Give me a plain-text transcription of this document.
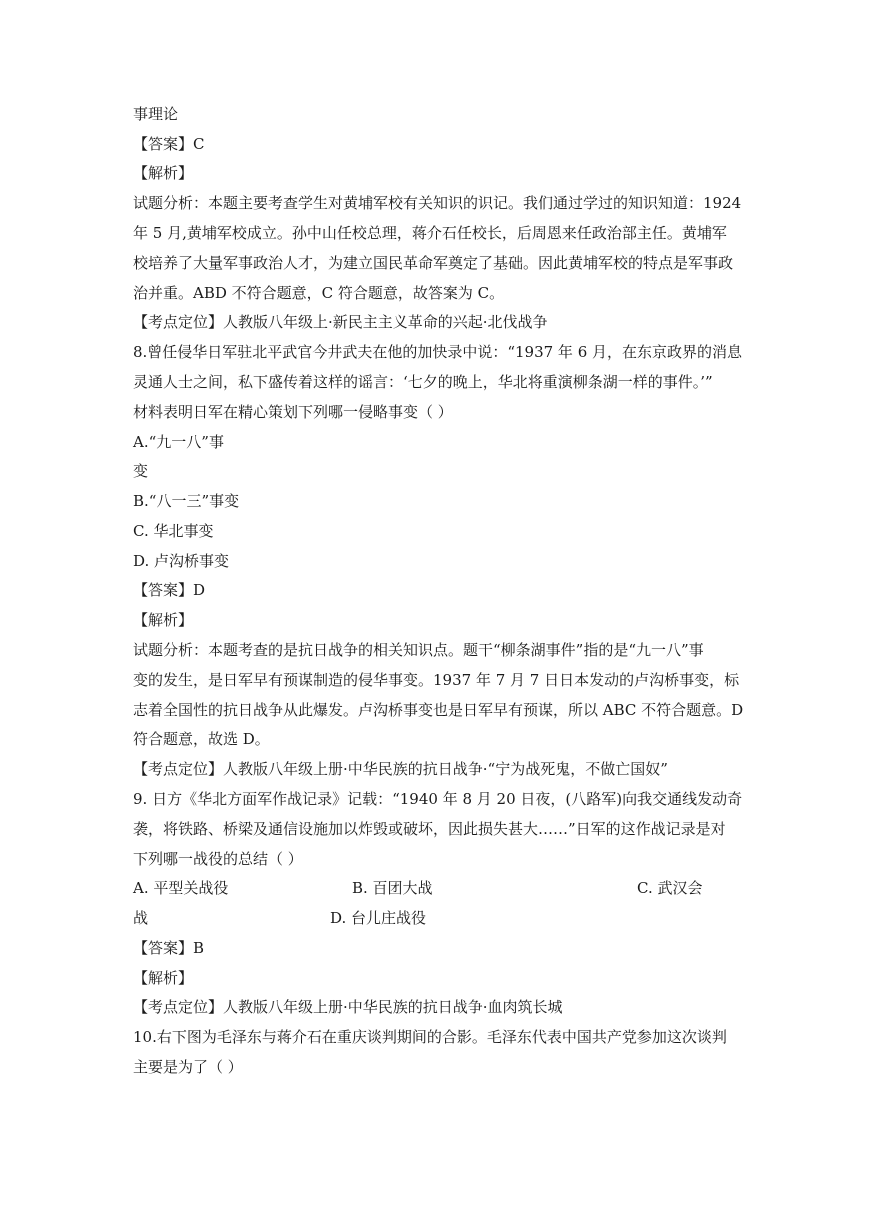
事理论
【答案】C
【解析】
试题分析：本题主要考查学生对黄埔军校有关知识的识记。我们通过学过的知识知道：1924
年 5 月,黄埔军校成立。孙中山任校总理，蒋介石任校长，后周恩来任政治部主任。黄埔军
校培养了大量军事政治人才，为建立国民革命军奠定了基础。因此黄埔军校的特点是军事政
治并重。ABD 不符合题意，C 符合题意，故答案为 C。
【考点定位】人教版八年级上·新民主主义革命的兴起·北伐战争
8.曾任侵华日军驻北平武官今井武夫在他的加快录中说：“1937 年 6 月，在东京政界的消息
灵通人士之间，私下盛传着这样的谣言：‘七夕的晚上，华北将重演柳条湖一样的事件。’”
材料表明日军在精心策划下列哪一侵略事变（ ）
A.“九一八”事
变
B.“八一三”事变
C. 华北事变
D. 卢沟桥事变
【答案】D
【解析】
试题分析：本题考查的是抗日战争的相关知识点。题干“柳条湖事件”指的是“九一八”事
变的发生，是日军早有预谋制造的侵华事变。1937 年 7 月 7 日日本发动的卢沟桥事变，标
志着全国性的抗日战争从此爆发。卢沟桥事变也是日军早有预谋，所以 ABC 不符合题意。D
符合题意，故选 D。
【考点定位】人教版八年级上册·中华民族的抗日战争·“宁为战死鬼，不做亡国奴”
9. 日方《华北方面军作战记录》记载：“1940 年 8 月 20 日夜，(八路军)向我交通线发动奇
袭，将铁路、桥梁及通信设施加以炸毁或破坏，因此损失甚大……”日军的这作战记录是对
下列哪一战役的总结（ ）
A. 平型关战役	B. 百团大战	C. 武汉会
战	D. 台儿庄战役
【答案】B
【解析】
【考点定位】人教版八年级上册·中华民族的抗日战争·血肉筑长城
10.右下图为毛泽东与蒋介石在重庆谈判期间的合影。毛泽东代表中国共产党参加这次谈判
主要是为了（ ）
